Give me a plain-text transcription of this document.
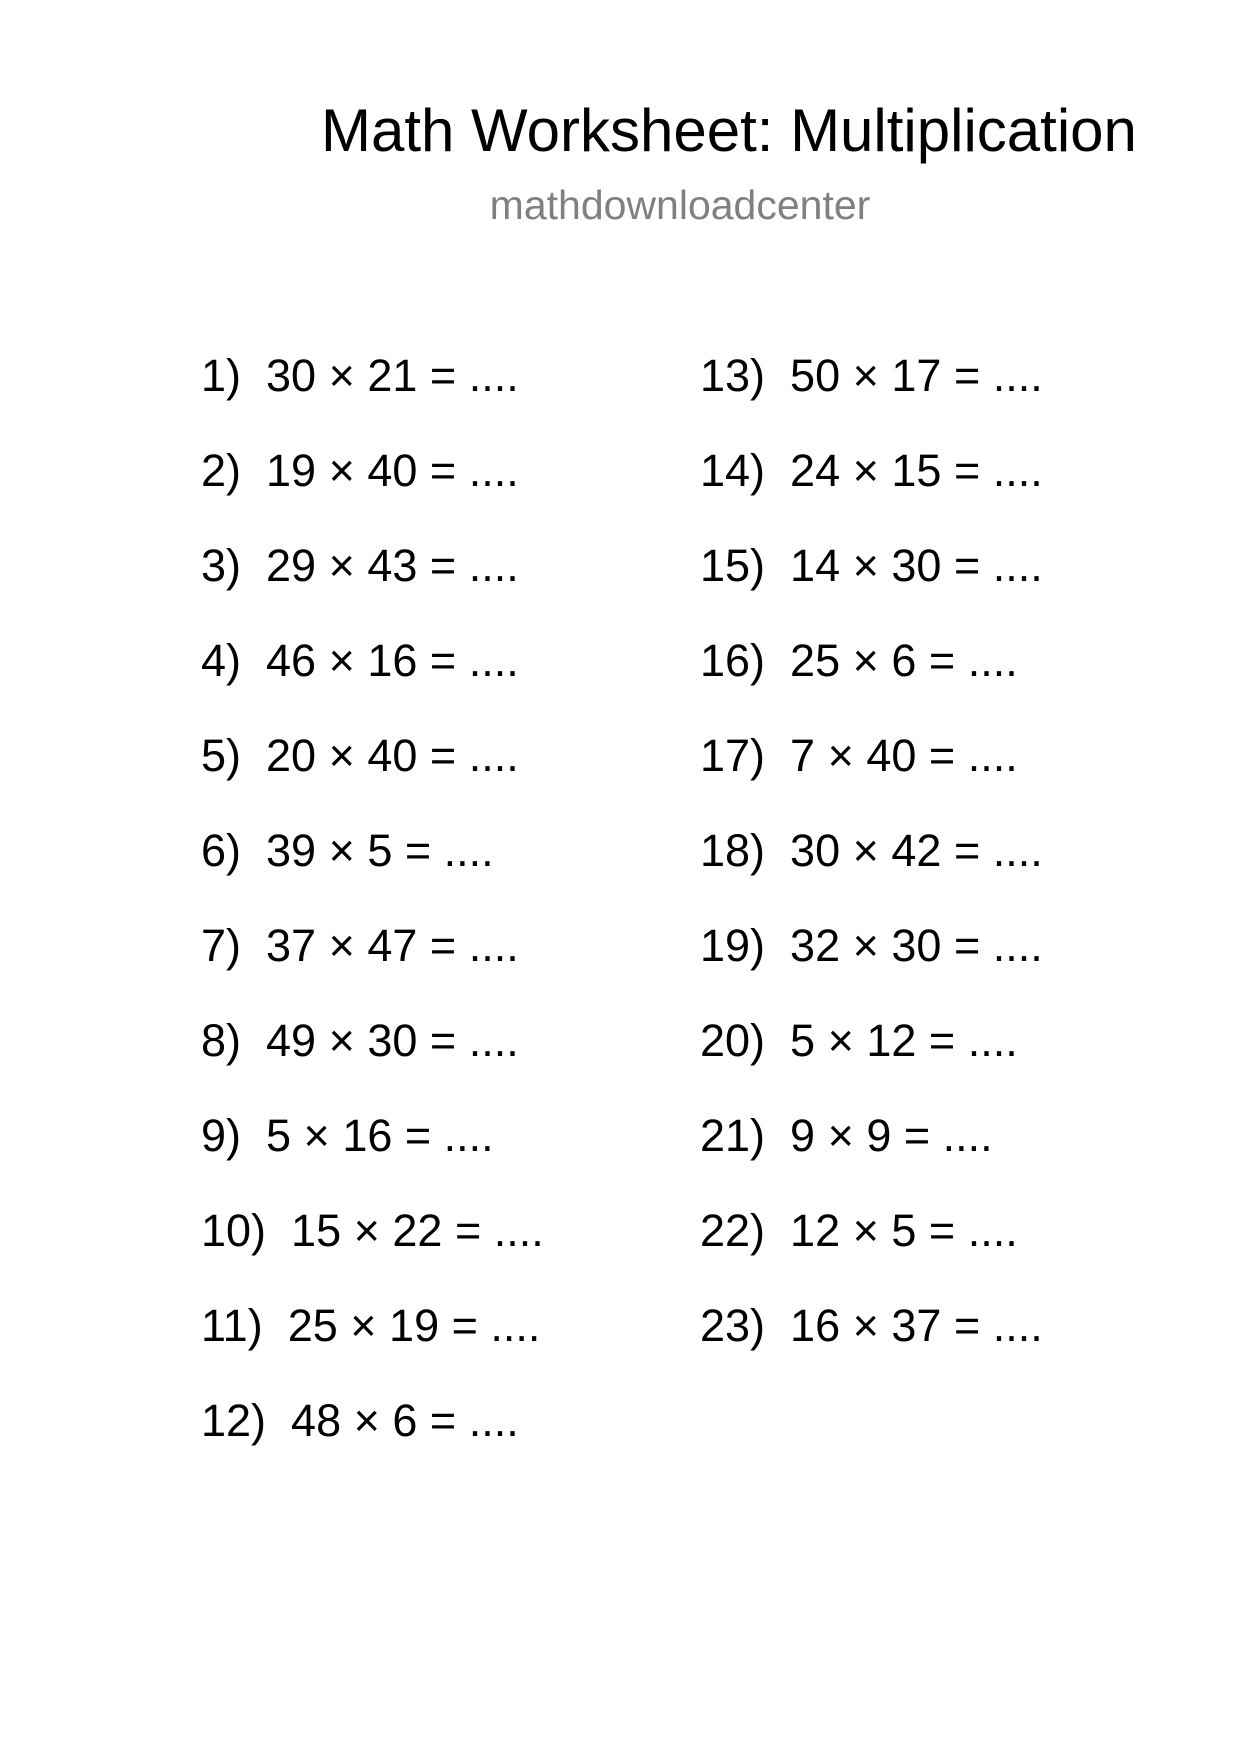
Math Worksheet: Multiplication
mathdownloadcenter
1)  30 × 21 = ....
2)  19 × 40 = ....
3)  29 × 43 = ....
4)  46 × 16 = ....
5)  20 × 40 = ....
6)  39 × 5 = ....
7)  37 × 47 = ....
8)  49 × 30 = ....
9)  5 × 16 = ....
10)  15 × 22 = ....
11)  25 × 19 = ....
12)  48 × 6 = ....
13)  50 × 17 = ....
14)  24 × 15 = ....
15)  14 × 30 = ....
16)  25 × 6 = ....
17)  7 × 40 = ....
18)  30 × 42 = ....
19)  32 × 30 = ....
20)  5 × 12 = ....
21)  9 × 9 = ....
22)  12 × 5 = ....
23)  16 × 37 = ....
